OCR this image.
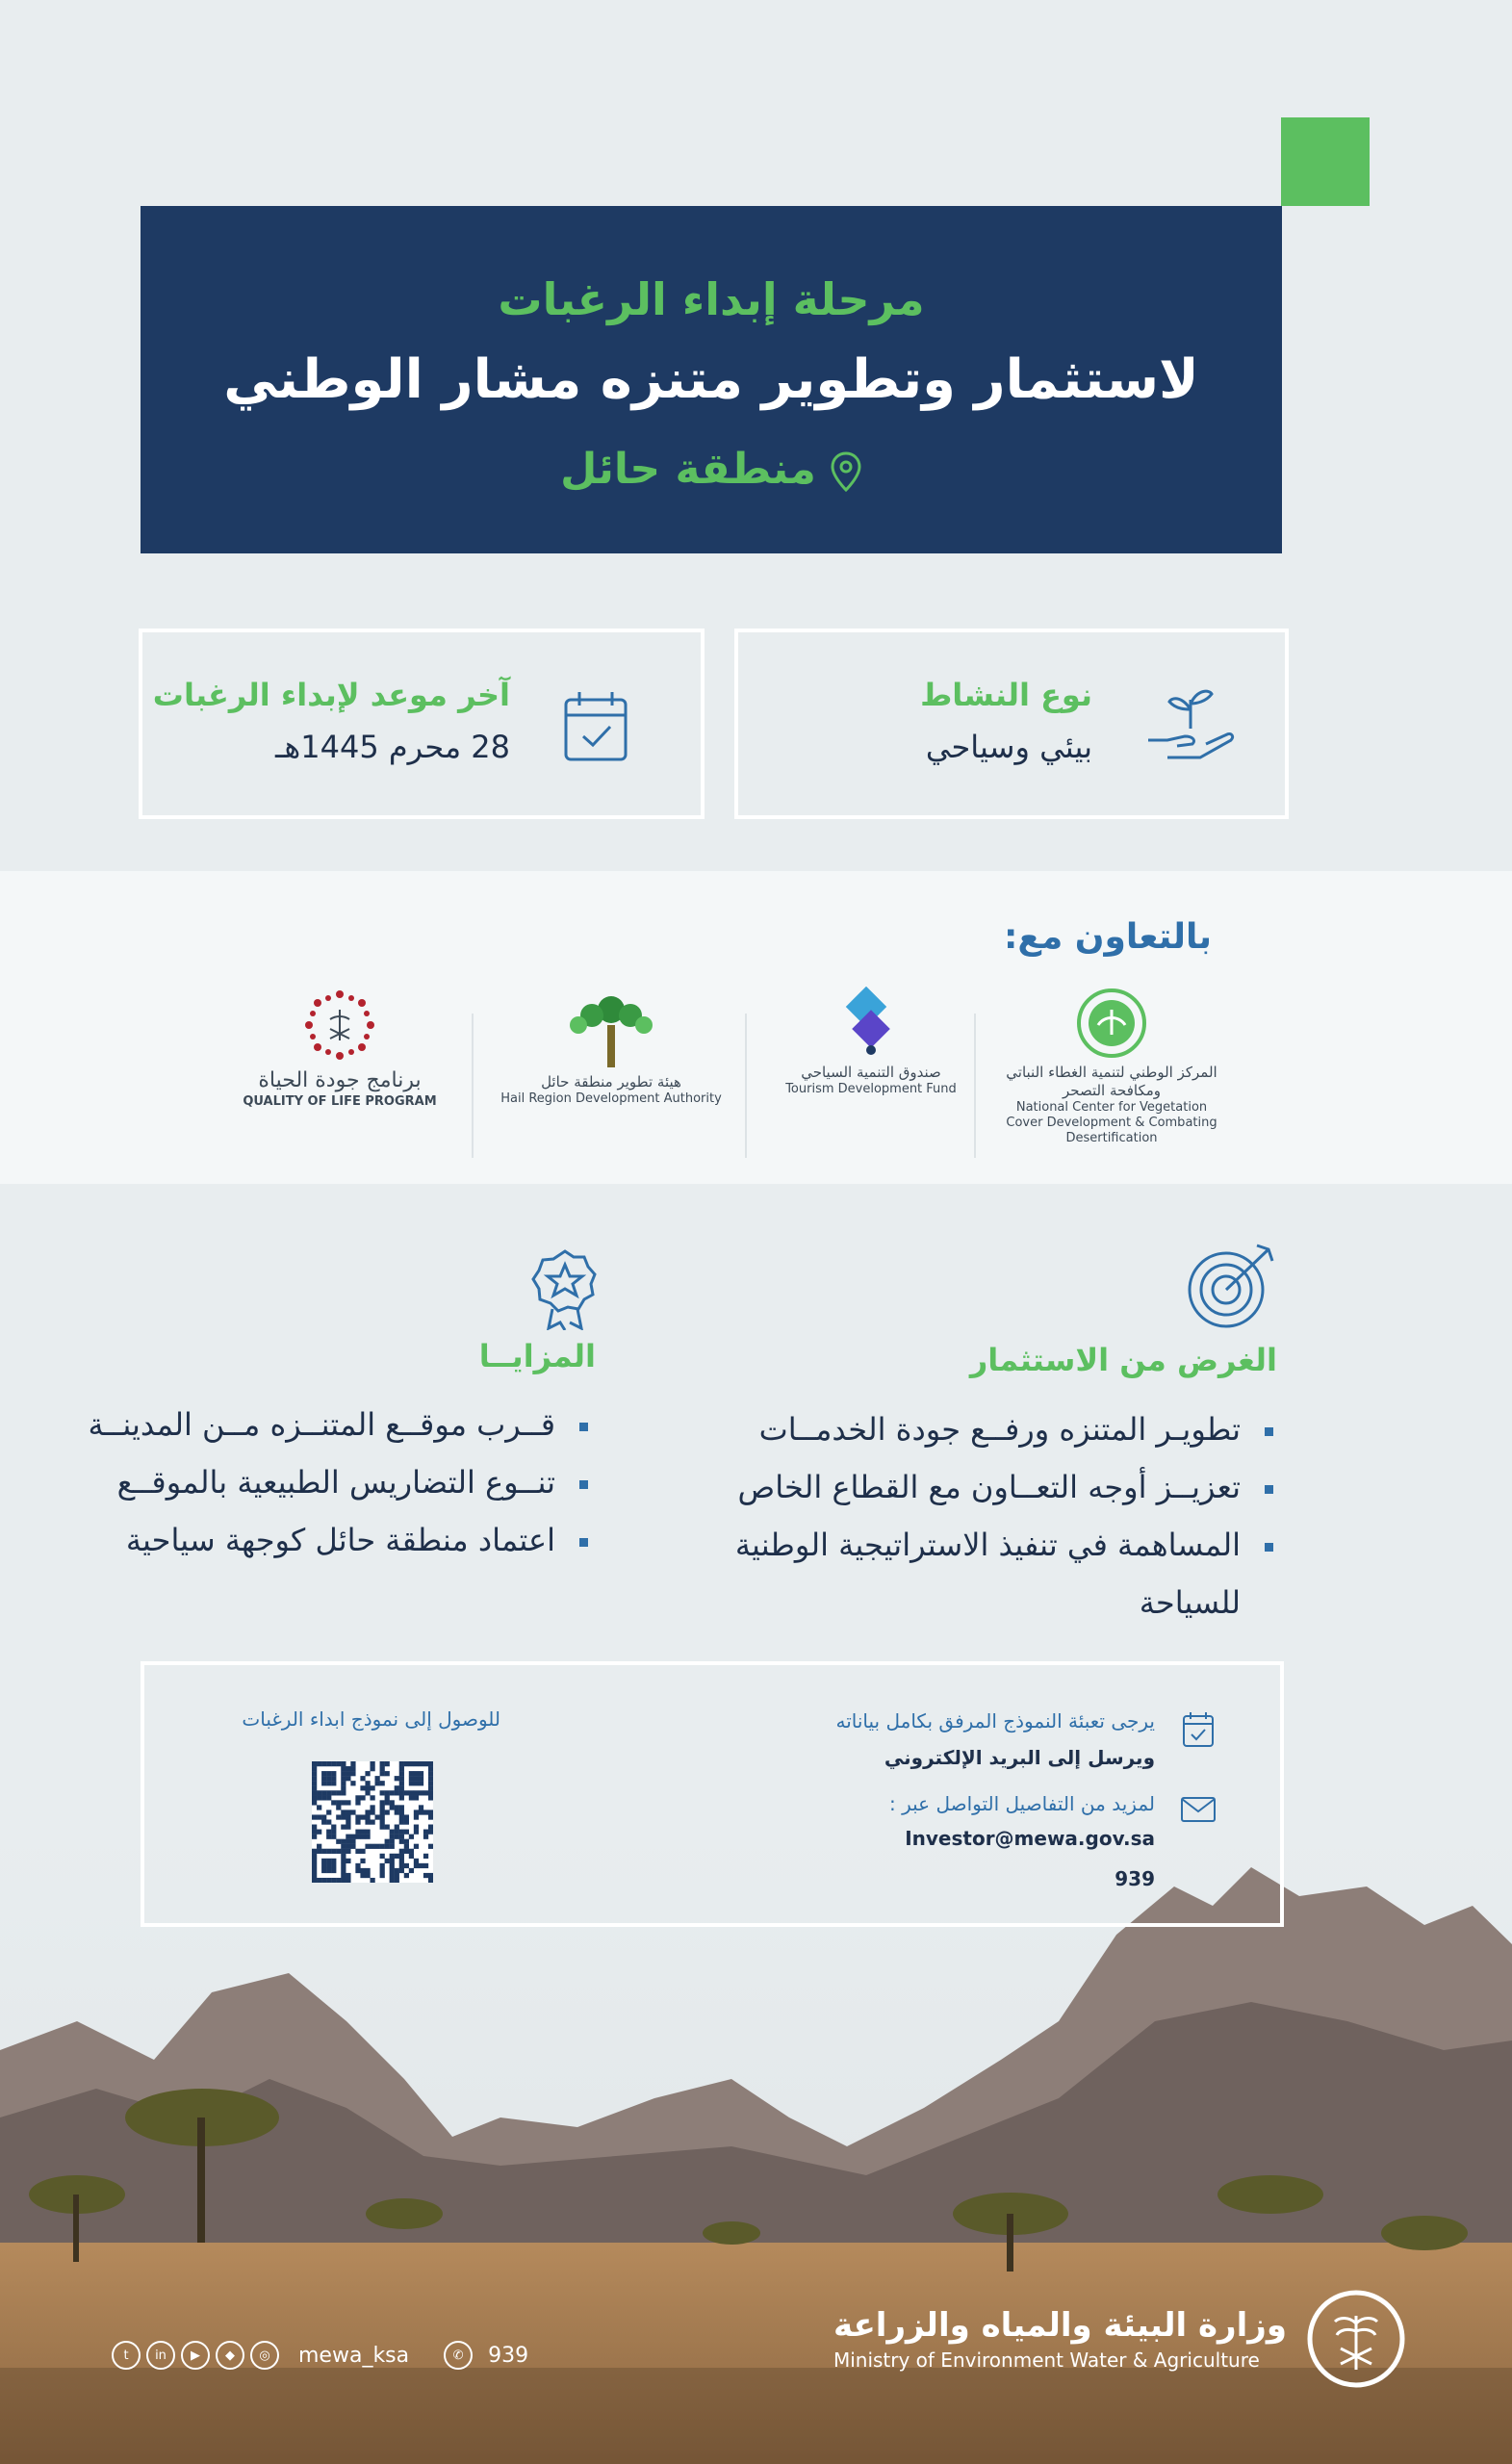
مرحلة إبداء الرغبات
لاستثمار وتطوير متنزه مشار الوطني
منطقة حائل
نوع النشاط
بيئي وسياحي
آخر موعد لإبداء الرغبات
28 محرم 1445هـ
بالتعاون مع:
المركز الوطني لتنمية الغطاء النباتي ومكافحة التصحر
National Center for Vegetation Cover Development & Combating Desertification
صندوق التنمية السياحي
Tourism Development Fund
هيئة تطوير منطقة حائل
Hail Region Development Authority
برنامج جودة الحياة
QUALITY OF LIFE PROGRAM
الغرض من الاستثمار
تطويـر المتنزه ورفــع جودة الخدمــات
تعزيــز أوجه التعــاون مع القطاع الخاص
المساهمة في تنفيذ الاستراتيجية الوطنية
للسياحة
المزايــا
قــرب موقــع المتنــزه مــن المدينــة
تنــوع التضاريس الطبيعية بالموقــع
اعتماد منطقة حائل كوجهة سياحية
يرجى تعبئة النموذج المرفق بكامل بياناته
ويرسل إلى البريد الإلكتروني
لمزيد من التفاصيل التواصل عبر :
Investor@mewa.gov.sa
939
للوصول إلى نموذج ابداء الرغبات
وزارة البيئة والمياه والزراعة
Ministry of Environment Water & Agriculture
t	in	▶	◆	◎	mewa_ksa	✆	939
